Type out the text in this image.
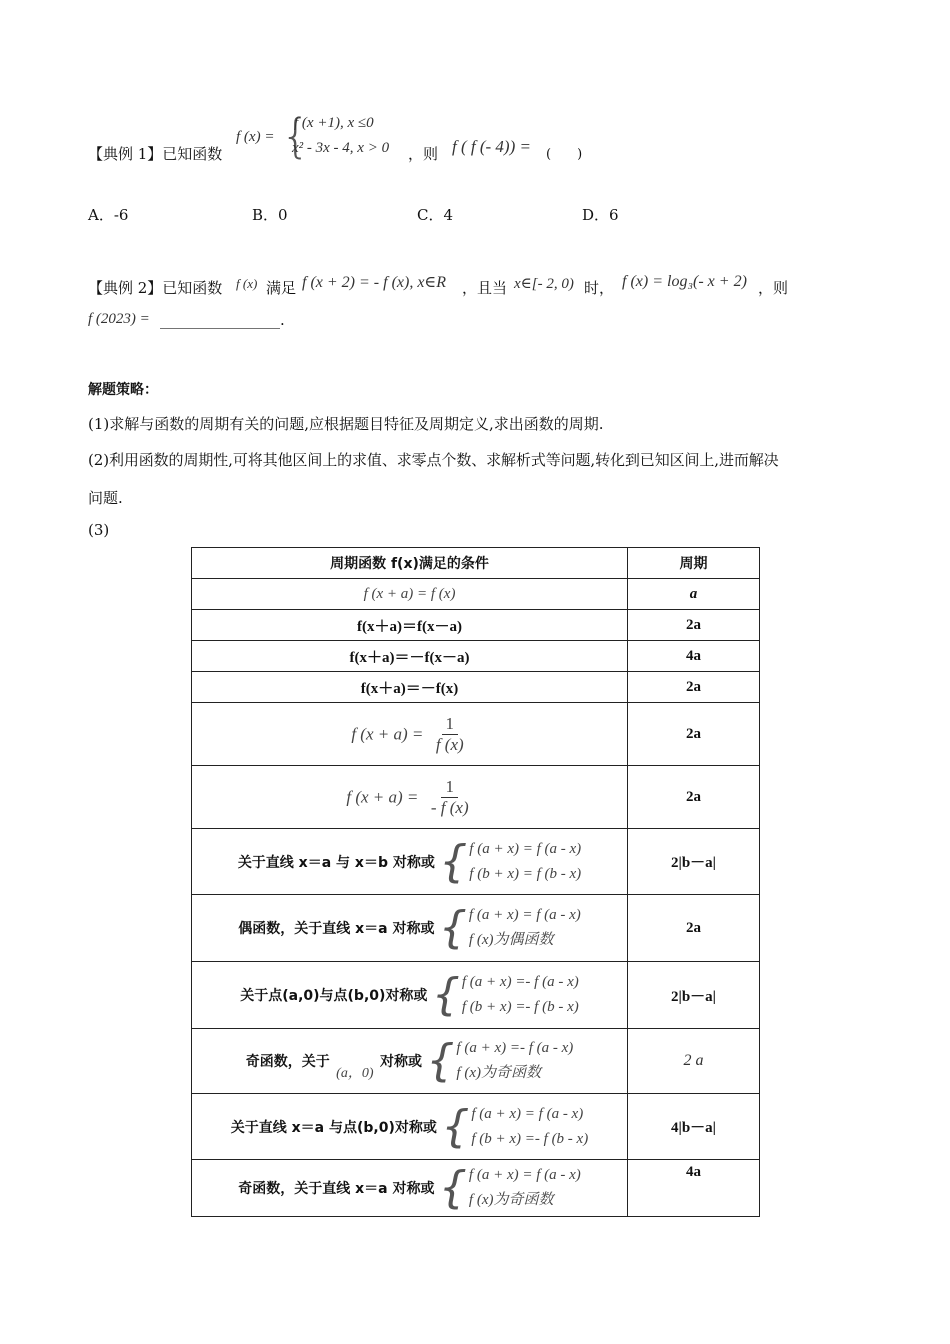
【典例 1】已知函数
f (x) = {
f (x +1), x ≤0
x² - 3x - 4, x > 0 ，则 f ( f (- 4)) = (　　)
A．-6	B．0	C．4	D．6
【典例 2】已知函数 f (x) 满足 f (x + 2) = - f (x), x∈R ，且当 x∈[- 2, 0) 时， f (x) = log₃(- x + 2) ，则
f (2023) = ________________.
解题策略：
(1)求解与函数的周期有关的问题,应根据题目特征及周期定义,求出函数的周期.
(2)利用函数的周期性,可将其他区间上的求值、求零点个数、求解析式等问题,转化到已知区间上,进而解决
问题.
(3)
周期函数 f(x)满足的条件	周期
f (x + a) = f (x)	a
f(x＋a)＝f(x－a)	2a
f(x＋a)＝－f(x－a)	4a
f(x＋a)＝－f(x)	2a
f $(x + a) = \frac{1}{f (x)}$	2a
f $(x + a) = \frac{1}{- f (x)}$	2a
关于直线 x＝a 与 x＝b 对称或 { f (a + x) = f (a - x)
f (b + x) = f (b - x)	2|b－a|
偶函数，关于直线 x＝a 对称或 { f (a + x) = f (a - x)
f (x)为偶函数	2a
关于点(a,0)与点(b,0)对称或 { f (a + x) =- f (a - x)
f (b + x) =- f (b - x)	2|b－a|
奇函数，关于 (a，0) 对称或 { f (a + x) =- f (a - x)
f (x)为奇函数	2 a
关于直线 x＝a 与点(b,0)对称或 { f (a + x) = f (a - x)
f (b + x) =- f (b - x)	4|b－a|
奇函数，关于直线 x＝a 对称或 { f (a + x) = f (a - x)
f (x)为奇函数	4a
